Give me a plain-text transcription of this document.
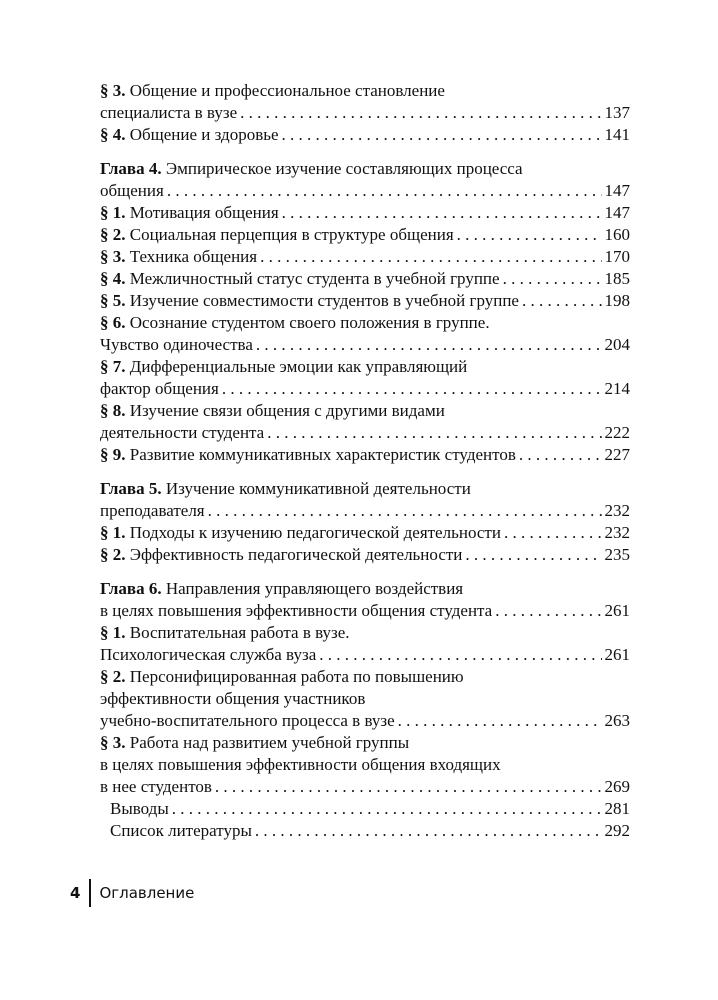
§ 3. Общение и профессиональное становление
специалиста в вузе . . .	137
§ 4. Общение и здоровье . . .	141
Глава 4. Эмпирическое изучение составляющих процесса
общения . . .	147
§ 1. Мотивация общения . . .	147
§ 2. Социальная перцепция в структуре общения . . .	160
§ 3. Техника общения . . .	170
§ 4. Межличностный статус студента в учебной группе . . .	185
§ 5. Изучение совместимости студентов в учебной группе . . .	198
§ 6. Осознание студентом своего положения в группе.
Чувство одиночества . . .	204
§ 7. Дифференциальные эмоции как управляющий
фактор общения . . .	214
§ 8. Изучение связи общения с другими видами
деятельности студента . . .	222
§ 9. Развитие коммуникативных характеристик студентов . . .	227
Глава 5. Изучение коммуникативной деятельности
преподавателя . . .	232
§ 1. Подходы к изучению педагогической деятельности . . .	232
§ 2. Эффективность педагогической деятельности . . .	235
Глава 6. Направления управляющего воздействия
в целях повышения эффективности общения студента . . .	261
§ 1. Воспитательная работа в вузе.
Психологическая служба вуза . . .	261
§ 2. Персонифицированная работа по повышению
эффективности общения участников
учебно-воспитательного процесса в вузе . . .	263
§ 3. Работа над развитием учебной группы
в целях повышения эффективности общения входящих
в нее студентов . . .	269
Выводы . . .	281
Список литературы . . .	292
4 Оглавление
